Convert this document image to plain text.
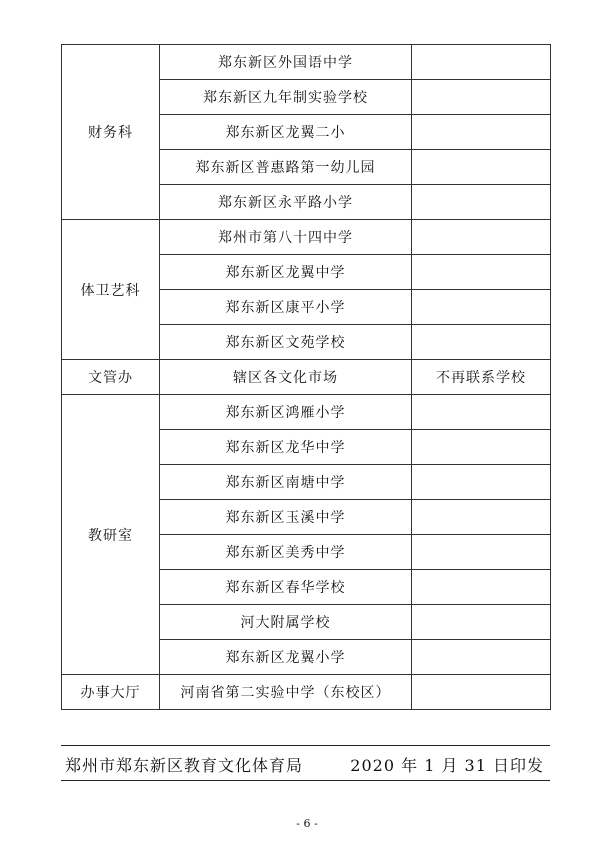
财务科	郑东新区外国语中学	
	郑东新区九年制实验学校	
	郑东新区龙翼二小	
	郑东新区普惠路第一幼儿园	
	郑东新区永平路小学	
体卫艺科	郑州市第八十四中学	
	郑东新区龙翼中学	
	郑东新区康平小学	
	郑东新区文苑学校	
文管办	辖区各文化市场	不再联系学校
教研室	郑东新区鸿雁小学	
	郑东新区龙华中学	
	郑东新区南塘中学	
	郑东新区玉溪中学	
	郑东新区美秀中学	
	郑东新区春华学校	
	河大附属学校	
	郑东新区龙翼小学	
办事大厅	河南省第二实验中学（东校区）	
郑州市郑东新区教育文化体育局	2020 年 1 月 31 日印发
- 6 -
